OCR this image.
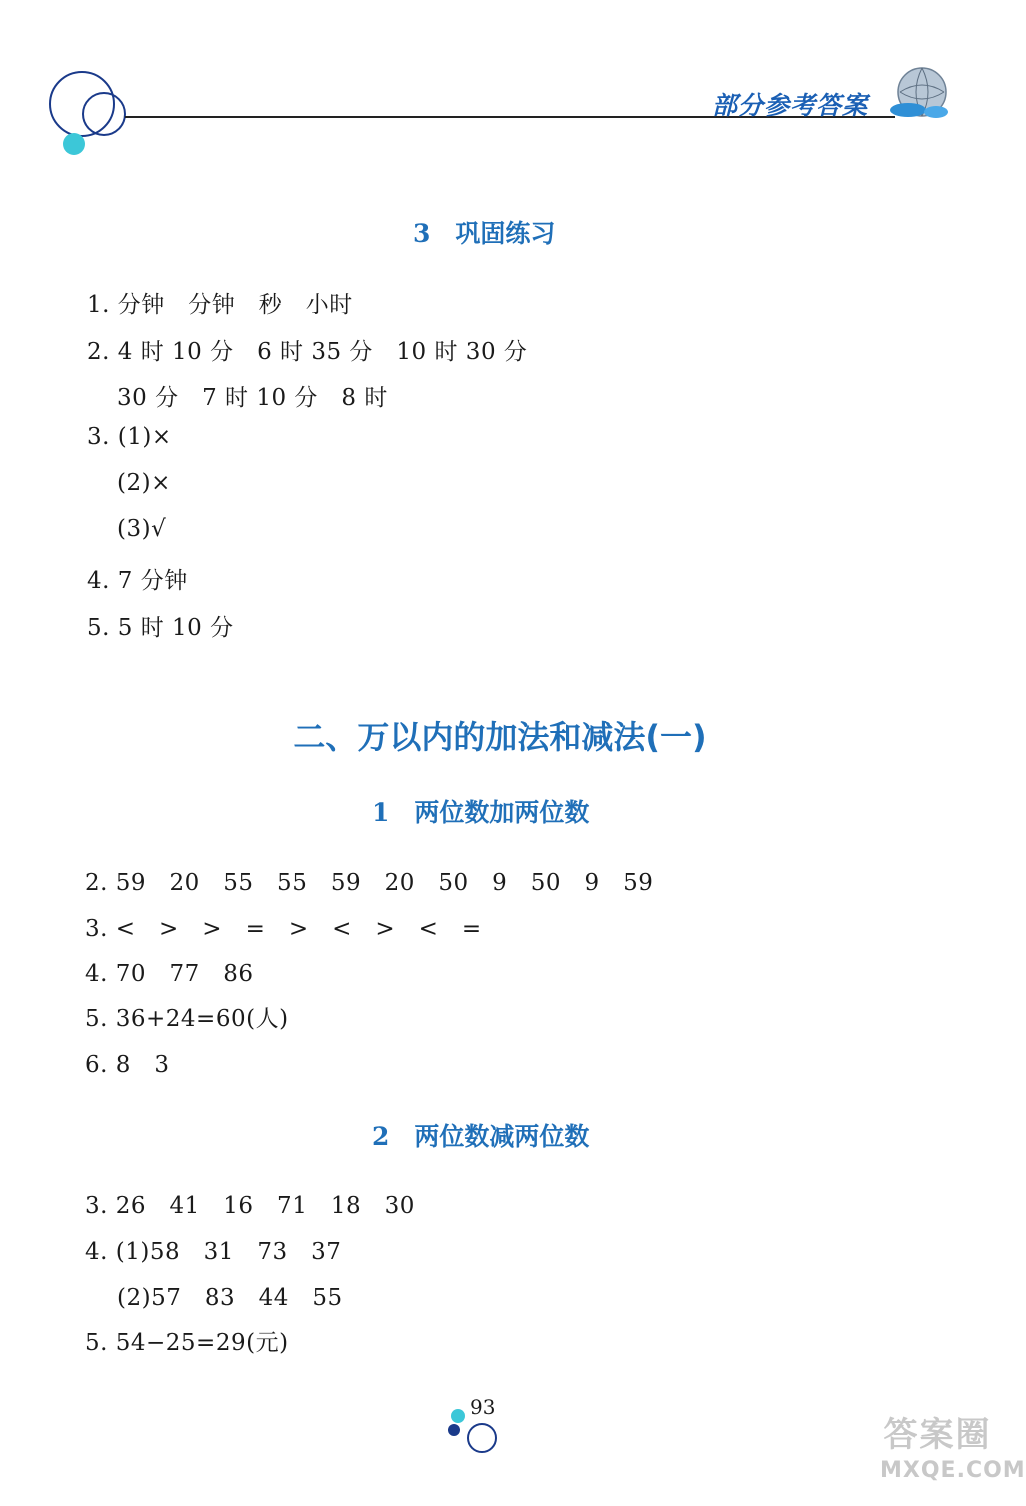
部分参考答案
3　巩固练习
1. 分钟　分钟　秒　小时
2. 4 时 10 分　6 时 35 分　10 时 30 分
30 分　7 时 10 分　8 时
3. (1)×
(2)×
(3)√
4. 7 分钟
5. 5 时 10 分
二、万以内的加法和减法(一)
1　两位数加两位数
2. 59　20　55　55　59　20　50　9　50　9　59
3. <　>　>　=　>　<　>　<　=
4. 70　77　86
5. 36+24=60(人)
6. 8　3
2　两位数减两位数
3. 26　41　16　71　18　30
4. (1)58　31　73　37
(2)57　83　44　55
5. 54−25=29(元)
93
答案圈
MXQE.COM
